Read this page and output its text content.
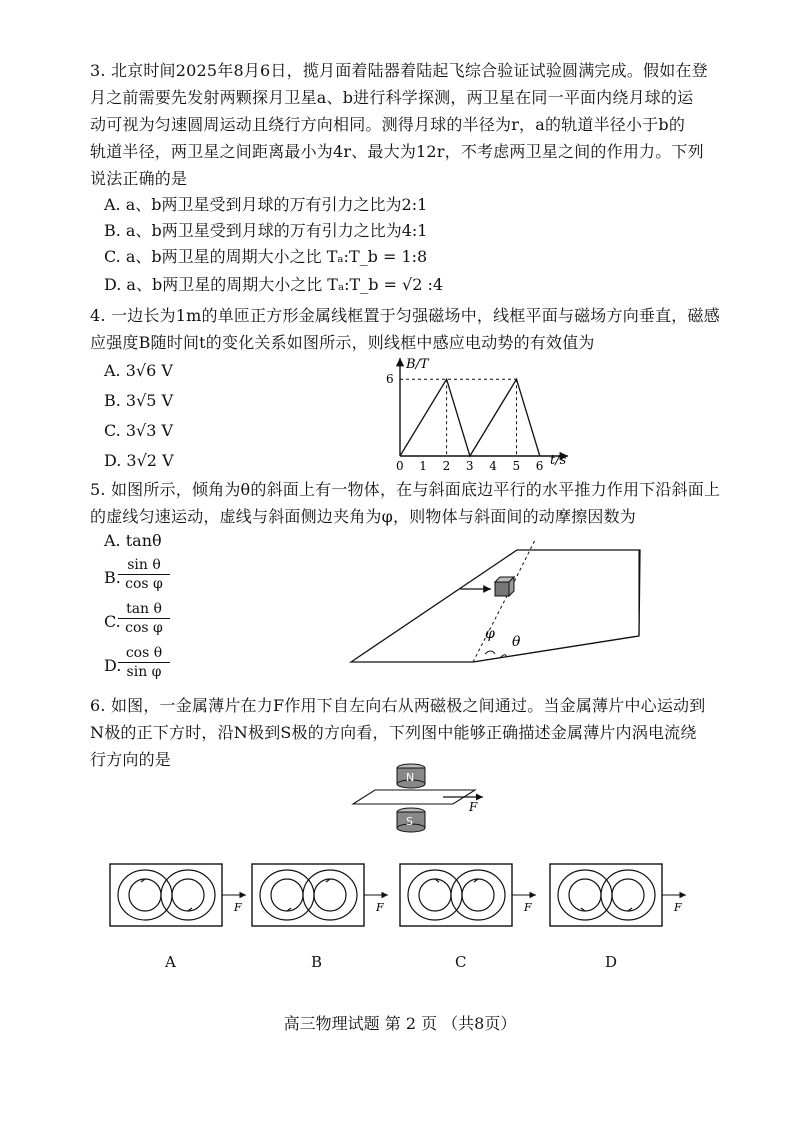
3. 北京时间2025年8月6日，揽月面着陆器着陆起飞综合验证试验圆满完成。假如在登
月之前需要先发射两颗探月卫星a、b进行科学探测，两卫星在同一平面内绕月球的运
动可视为匀速圆周运动且绕行方向相同。测得月球的半径为r，a的轨道半径小于b的
轨道半径，两卫星之间距离最小为4r、最大为12r，不考虑两卫星之间的作用力。下列
说法正确的是
A. a、b两卫星受到月球的万有引力之比为2:1
B. a、b两卫星受到月球的万有引力之比为4:1
C. a、b两卫星的周期大小之比 Tₐ:T_b = 1:8
D. a、b两卫星的周期大小之比 Tₐ:T_b = √2 :4
4. 一边长为1m的单匝正方形金属线框置于匀强磁场中，线框平面与磁场方向垂直，磁感
应强度B随时间t的变化关系如图所示，则线框中感应电动势的有效值为
A. 3√6 V
B. 3√5 V
C. 3√3 V
D. 3√2 V
B/T
t/s
0 1 2 3 4 5 6
6
5. 如图所示，倾角为θ的斜面上有一物体，在与斜面底边平行的水平推力作用下沿斜面上
的虚线匀速运动，虚线与斜面侧边夹角为φ，则物体与斜面间的动摩擦因数为
A. tanθ
B.
$\frac{\text{sin θ}}{\text{cos φ}}$
C.
$\frac{\text{tan θ}}{\text{cos φ}}$
D.
$\frac{\text{cos θ}}{\text{sin φ}}$
φ θ
6. 如图，一金属薄片在力F作用下自左向右从两磁极之间通过。当金属薄片中心运动到
N极的正下方时，沿N极到S极的方向看，下列图中能够正确描述金属薄片内涡电流绕
行方向的是
N
F
S
F
A
F
B
F
C
F
D
高三物理试题 第 2 页 （共8页）
